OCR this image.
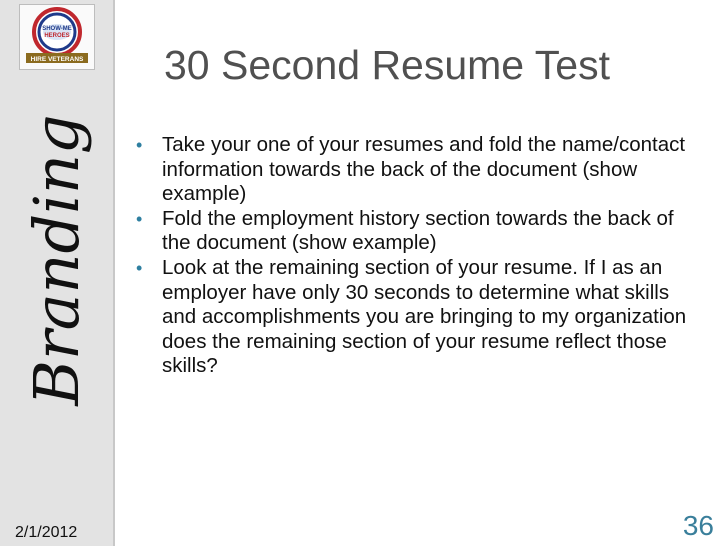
SHOW-ME
HEROES
HIRE VETERANS
Branding
2/1/2012
30 Second Resume Test
• Take your one of your resumes and fold the name/contact information towards the back of the document (show example)
• Fold the employment history section towards the back of the document (show example)
• Look at the remaining section of your resume. If I as an employer have only 30 seconds to determine what skills and accomplishments you are bringing to my organization does the remaining section of your resume reflect those skills?
36
